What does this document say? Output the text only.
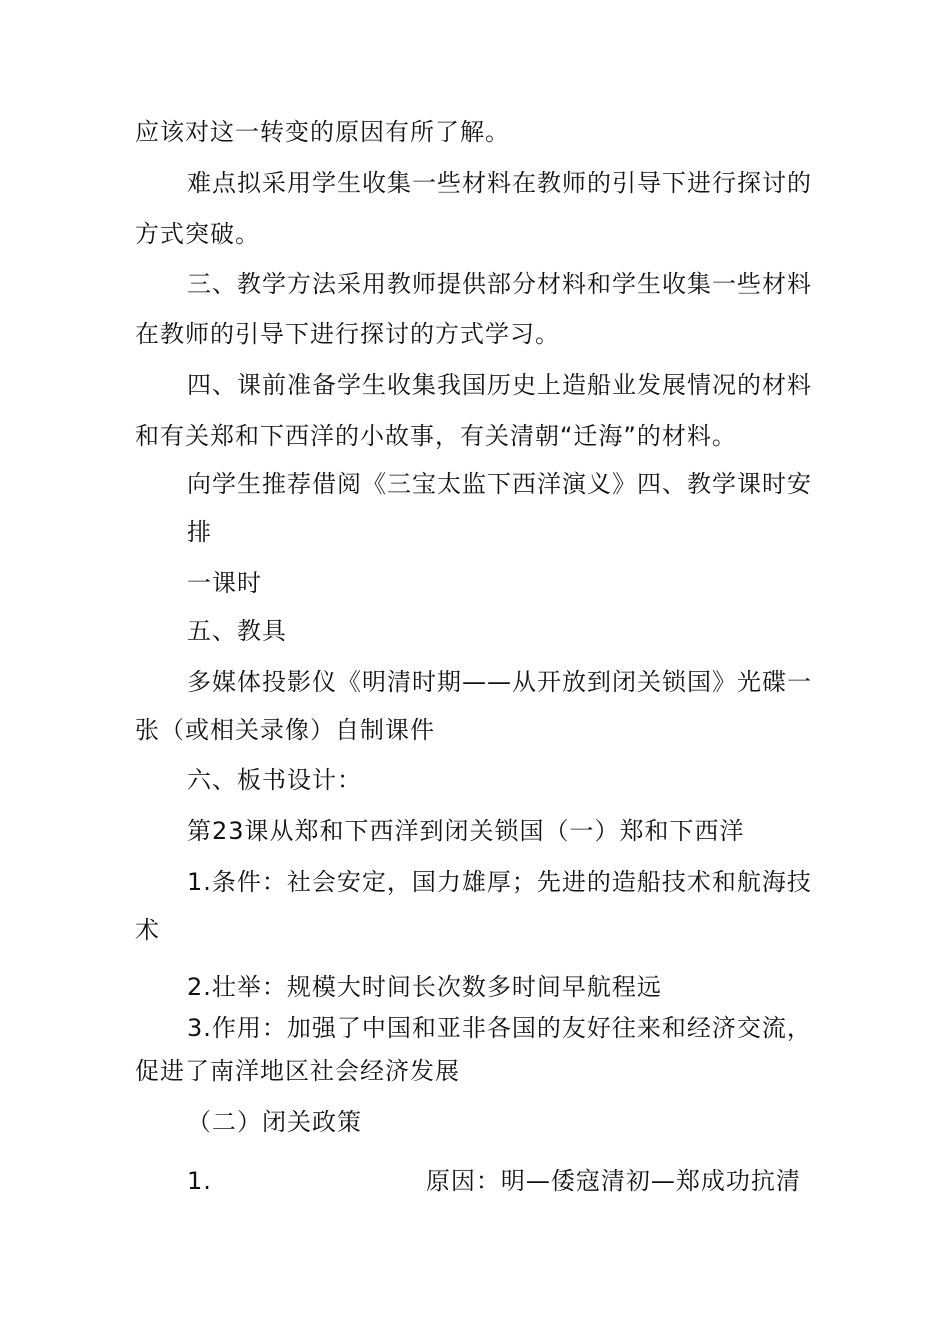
应该对这一转变的原因有所了解。
难点拟采用学生收集一些材料在教师的引导下进行探讨的
方式突破。
三、教学方法采用教师提供部分材料和学生收集一些材料
在教师的引导下进行探讨的方式学习。
四、课前准备学生收集我国历史上造船业发展情况的材料
和有关郑和下西洋的小故事，有关清朝“迁海”的材料。
向学生推荐借阅《三宝太监下西洋演义》四、教学课时安
排
一课时
五、教具
多媒体投影仪《明清时期——从开放到闭关锁国》光碟一
张（或相关录像）自制课件
六、板书设计：
第23课从郑和下西洋到闭关锁国（一）郑和下西洋
1.条件：社会安定，国力雄厚；先进的造船技术和航海技
术
2.壮举：规模大时间长次数多时间早航程远
3.作用：加强了中国和亚非各国的友好往来和经济交流，
促进了南洋地区社会经济发展
（二）闭关政策
1.	原因：明—倭寇清初—郑成功抗清
